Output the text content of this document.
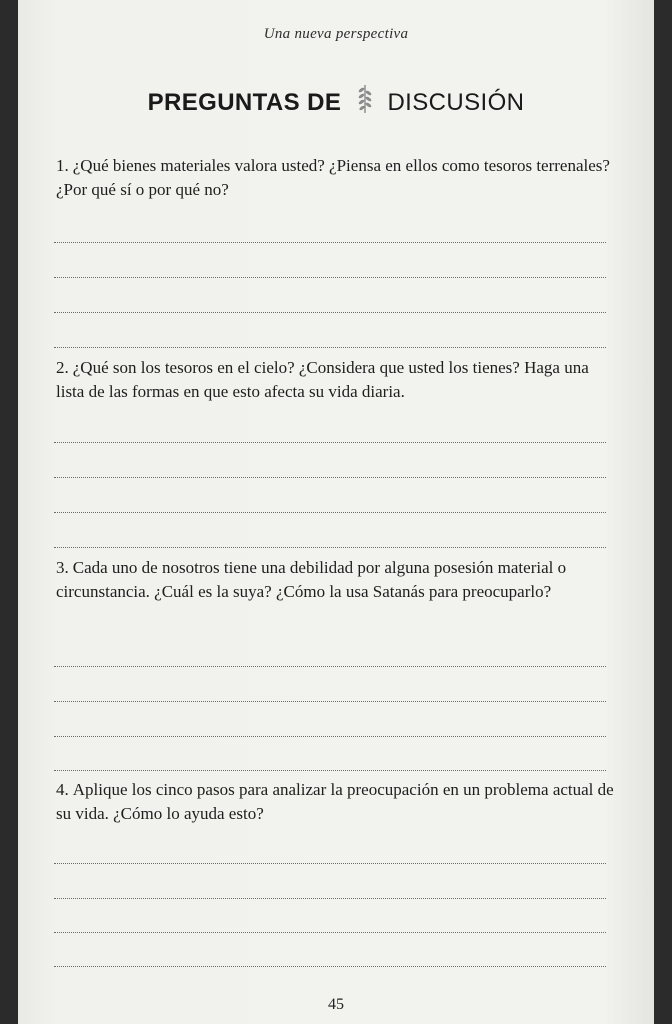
Una nueva perspectiva
PREGUNTAS DE DISCUSIÓN
1. ¿Qué bienes materiales valora usted? ¿Piensa en ellos como tesoros terrenales? ¿Por qué sí o por qué no?
2. ¿Qué son los tesoros en el cielo? ¿Considera que usted los tienes? Haga una lista de las formas en que esto afecta su vida diaria.
3. Cada uno de nosotros tiene una debilidad por alguna posesión material o circunstancia. ¿Cuál es la suya? ¿Cómo la usa Satanás para preocuparlo?
4. Aplique los cinco pasos para analizar la preocupación en un problema actual de su vida. ¿Cómo lo ayuda esto?
45
